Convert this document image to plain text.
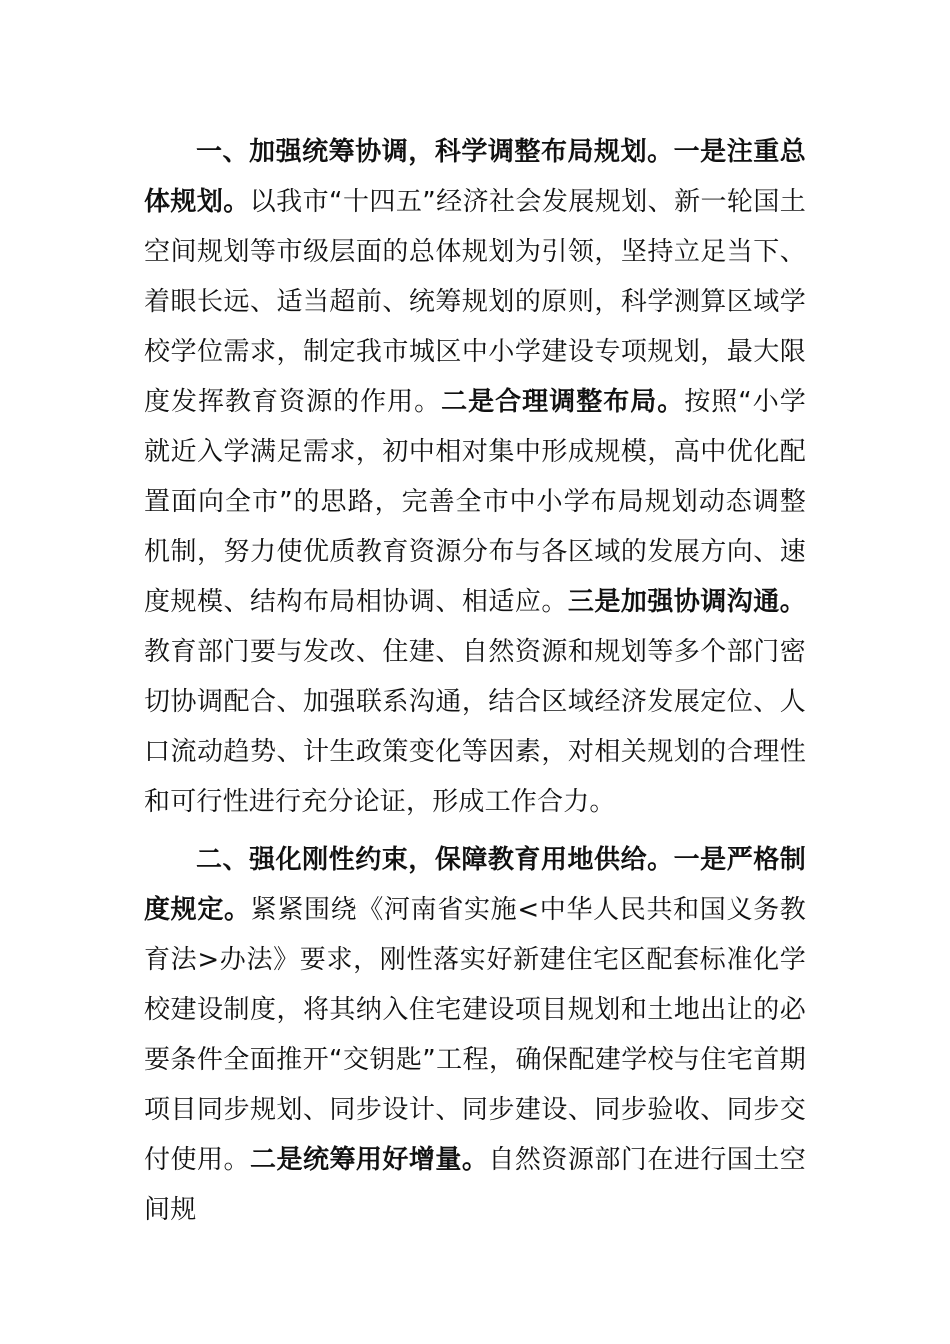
一、加强统筹协调，科学调整布局规划。一是注重总体规划。以我市“十四五”经济社会发展规划、新一轮国土空间规划等市级层面的总体规划为引领，坚持立足当下、着眼长远、适当超前、统筹规划的原则，科学测算区域学校学位需求，制定我市城区中小学建设专项规划，最大限度发挥教育资源的作用。二是合理调整布局。按照“小学就近入学满足需求，初中相对集中形成规模，高中优化配置面向全市”的思路，完善全市中小学布局规划动态调整机制，努力使优质教育资源分布与各区域的发展方向、速度规模、结构布局相协调、相适应。三是加强协调沟通。教育部门要与发改、住建、自然资源和规划等多个部门密切协调配合、加强联系沟通，结合区域经济发展定位、人口流动趋势、计生政策变化等因素，对相关规划的合理性和可行性进行充分论证，形成工作合力。

二、强化刚性约束，保障教育用地供给。一是严格制度规定。紧紧围绕《河南省实施<中华人民共和国义务教育法>办法》要求，刚性落实好新建住宅区配套标准化学校建设制度，将其纳入住宅建设项目规划和土地出让的必要条件全面推开“交钥匙”工程，确保配建学校与住宅首期项目同步规划、同步设计、同步建设、同步验收、同步交付使用。二是统筹用好增量。自然资源部门在进行国土空间规
